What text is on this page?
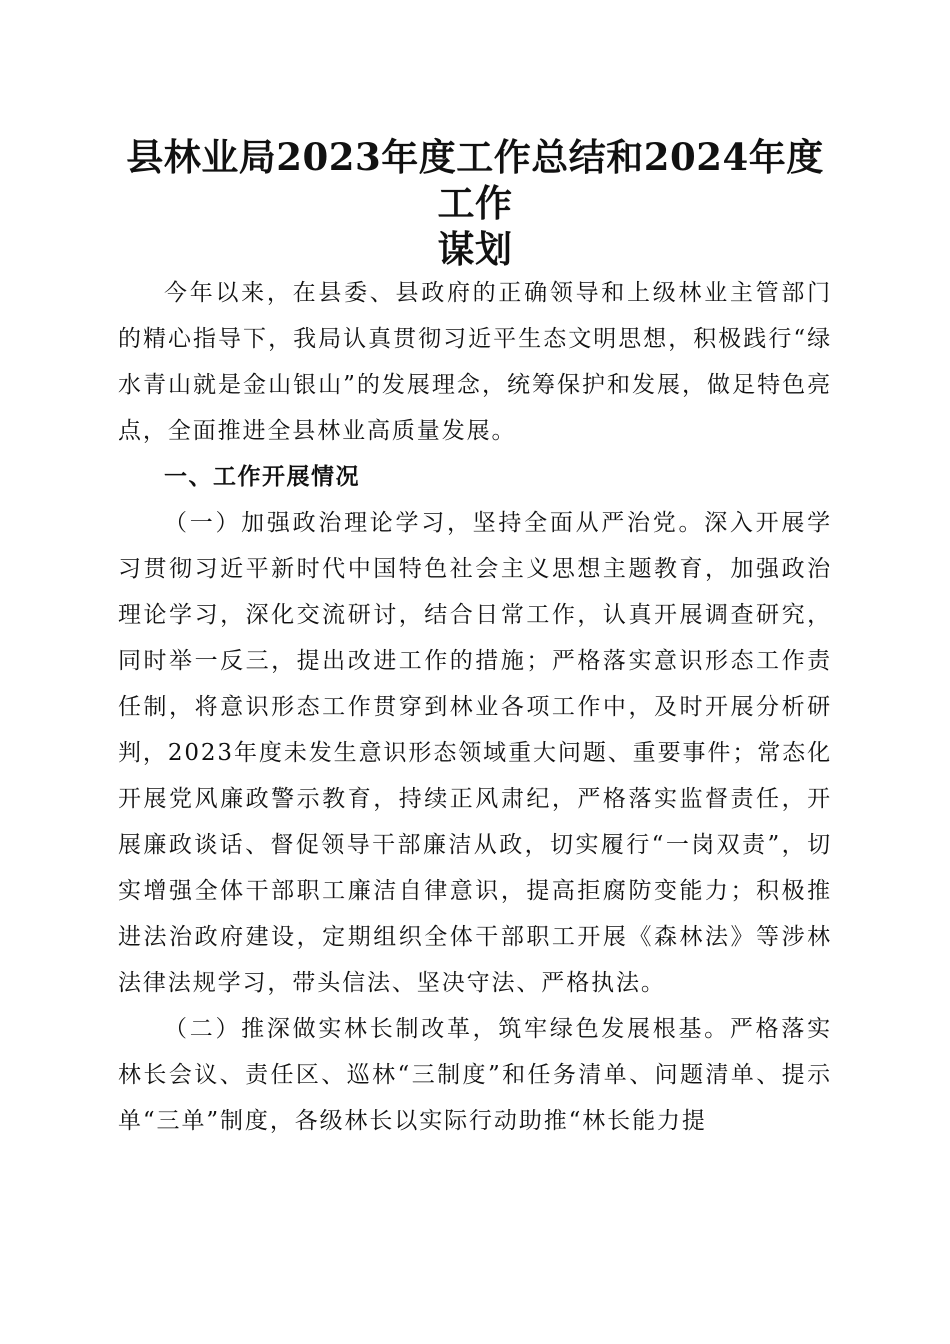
县林业局2023年度工作总结和2024年度工作
谋划

今年以来，在县委、县政府的正确领导和上级林业主管部门的精心指导下，我局认真贯彻习近平生态文明思想，积极践行“绿水青山就是金山银山”的发展理念，统筹保护和发展，做足特色亮点，全面推进全县林业高质量发展。

一、工作开展情况

（一）加强政治理论学习，坚持全面从严治党。深入开展学习贯彻习近平新时代中国特色社会主义思想主题教育，加强政治理论学习，深化交流研讨，结合日常工作，认真开展调查研究，同时举一反三，提出改进工作的措施；严格落实意识形态工作责任制，将意识形态工作贯穿到林业各项工作中，及时开展分析研判，2023年度未发生意识形态领域重大问题、重要事件；常态化开展党风廉政警示教育，持续正风肃纪，严格落实监督责任，开展廉政谈话、督促领导干部廉洁从政，切实履行“一岗双责”，切实增强全体干部职工廉洁自律意识，提高拒腐防变能力；积极推进法治政府建设，定期组织全体干部职工开展《森林法》等涉林法律法规学习，带头信法、坚决守法、严格执法。

（二）推深做实林长制改革，筑牢绿色发展根基。严格落实林长会议、责任区、巡林“三制度”和任务清单、问题清单、提示单“三单”制度，各级林长以实际行动助推“林长能力提
